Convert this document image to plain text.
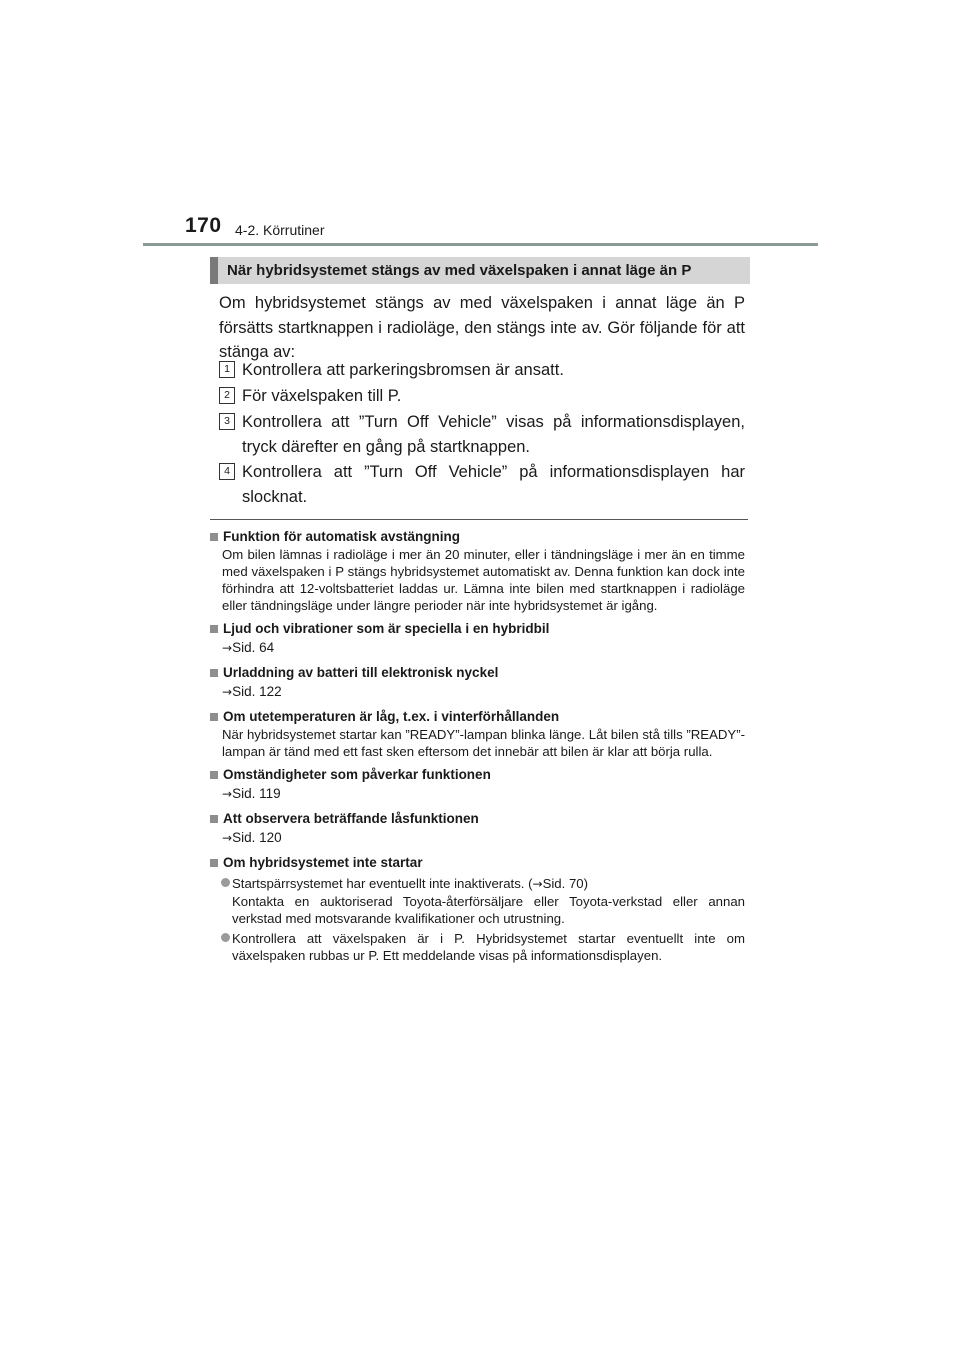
170 4-2. Körrutiner
När hybridsystemet stängs av med växelspaken i annat läge än P
Om hybridsystemet stängs av med växelspaken i annat läge än P försätts startknappen i radioläge, den stängs inte av. Gör följande för att stänga av:
1 Kontrollera att parkeringsbromsen är ansatt.
2 För växelspaken till P.
3 Kontrollera att ”Turn Off Vehicle” visas på informationsdisplayen, tryck därefter en gång på startknappen.
4 Kontrollera att ”Turn Off Vehicle” på informationsdisplayen har slocknat.
Funktion för automatisk avstängning
Om bilen lämnas i radioläge i mer än 20 minuter, eller i tändningsläge i mer än en timme med växelspaken i P stängs hybridsystemet automatiskt av. Denna funktion kan dock inte förhindra att 12-voltsbatteriet laddas ur. Lämna inte bilen med startknappen i radioläge eller tändningsläge under längre perioder när inte hybridsystemet är igång.
Ljud och vibrationer som är speciella i en hybridbil
→Sid. 64
Urladdning av batteri till elektronisk nyckel
→Sid. 122
Om utetemperaturen är låg, t.ex. i vinterförhållanden
När hybridsystemet startar kan ”READY”-lampan blinka länge. Låt bilen stå tills ”READY”-lampan är tänd med ett fast sken eftersom det innebär att bilen är klar att börja rulla.
Omständigheter som påverkar funktionen
→Sid. 119
Att observera beträffande låsfunktionen
→Sid. 120
Om hybridsystemet inte startar
Startspärrsystemet har eventuellt inte inaktiverats. (→Sid. 70)
Kontakta en auktoriserad Toyota-återförsäljare eller Toyota-verkstad eller annan verkstad med motsvarande kvalifikationer och utrustning.
Kontrollera att växelspaken är i P. Hybridsystemet startar eventuellt inte om växelspaken rubbas ur P. Ett meddelande visas på informationsdisplayen.
